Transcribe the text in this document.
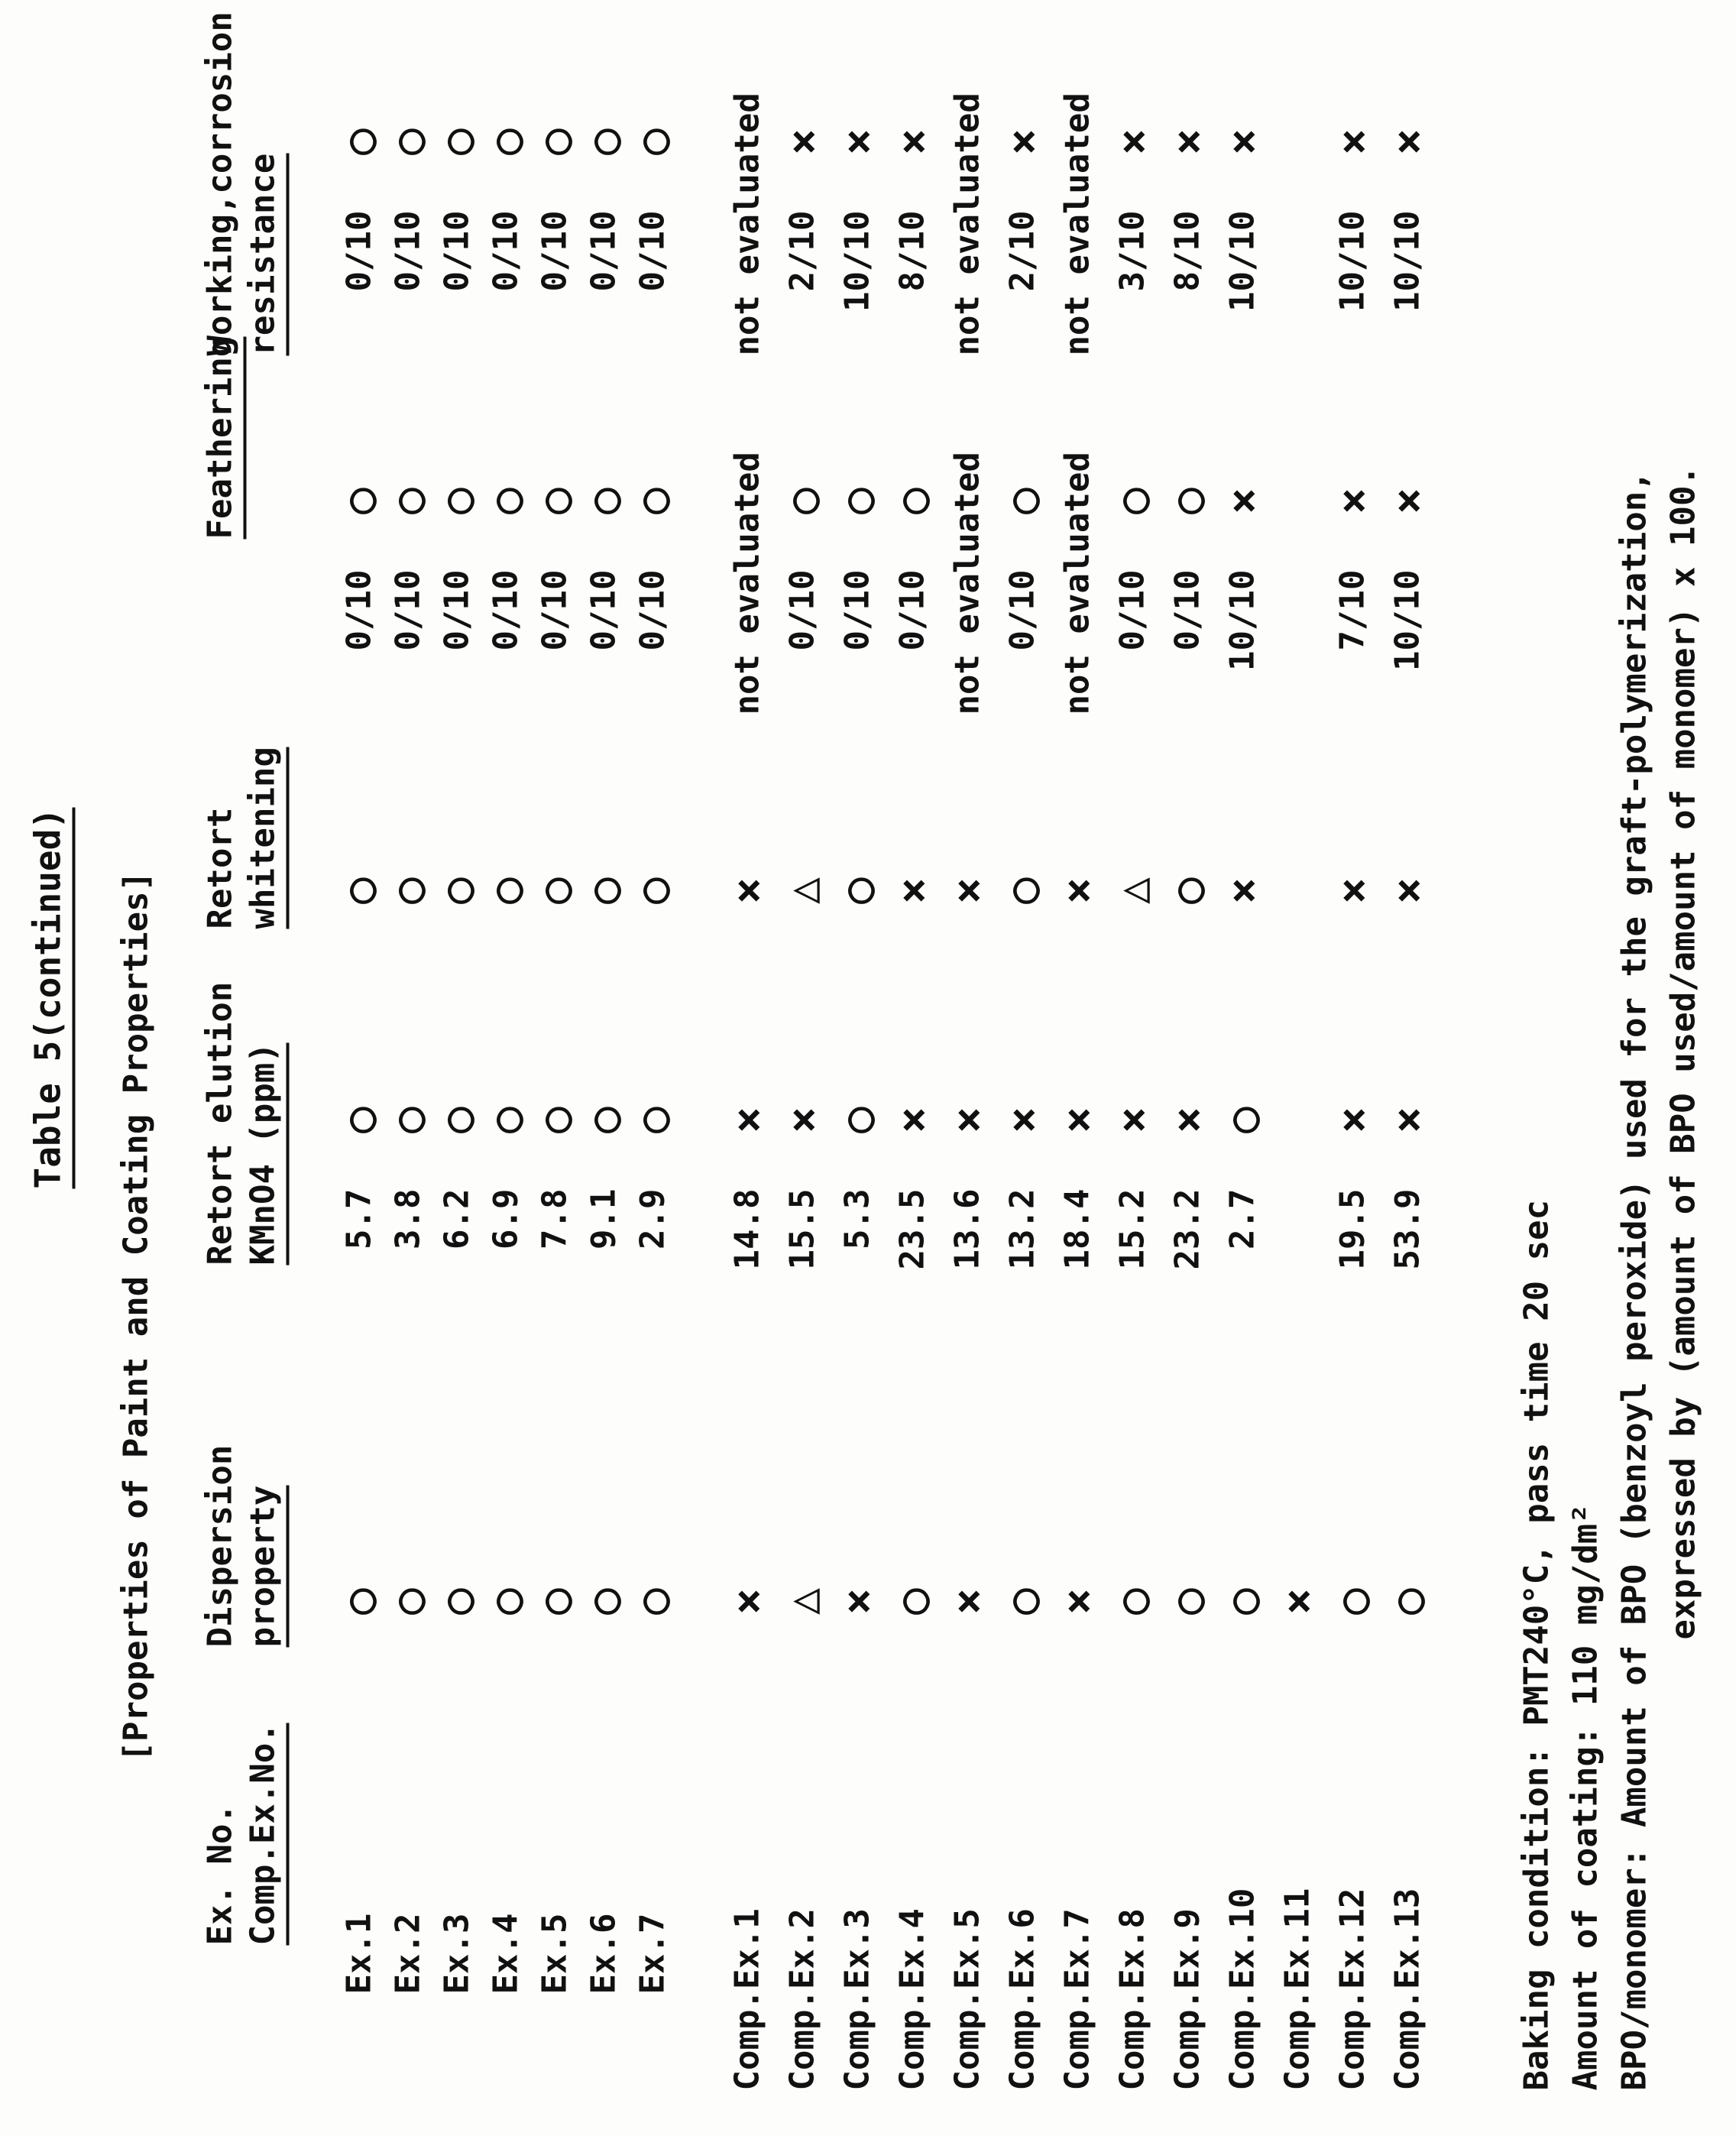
Table 5(continued) [Properties of Paint and Coating Properties]
Ex. No. Comp.Ex.No.
Dispersion property
Retort elution KMnO4 (ppm)
Retort whitening
Feathering
Working,corrosion resistance
Ex.1
○
5.7
○
○
0/10
○
0/10
○
Ex.2
○
3.8
○
○
0/10
○
0/10
○
Ex.3
○
6.2
○
○
0/10
○
0/10
○
Ex.4
○
6.9
○
○
0/10
○
0/10
○
Ex.5
○
7.8
○
○
0/10
○
0/10
○
Ex.6
○
9.1
○
○
0/10
○
0/10
○
Ex.7
○
2.9
○
○
0/10
○
0/10
○
Comp.Ex.1
×
14.8
×
×
not evaluated
not evaluated
Comp.Ex.2
△
15.5
×
△
0/10
○
2/10
×
Comp.Ex.3
×
5.3
○
○
0/10
○
10/10
×
Comp.Ex.4
○
23.5
×
×
0/10
○
8/10
×
Comp.Ex.5
×
13.6
×
×
not evaluated
not evaluated
Comp.Ex.6
○
13.2
×
○
0/10
○
2/10
×
Comp.Ex.7
×
18.4
×
×
not evaluated
not evaluated
Comp.Ex.8
○
15.2
×
△
0/10
○
3/10
×
Comp.Ex.9
○
23.2
×
○
0/10
○
8/10
×
Comp.Ex.10
○
2.7
○
×
10/10
×
10/10
×
Comp.Ex.11
×
Comp.Ex.12
○
19.5
×
×
7/10
×
10/10
×
Comp.Ex.13
○
53.9
×
×
10/10
×
10/10
×
Baking condition: PMT240°C, pass time 20 sec Amount of coating: 110 mg/dm² BPO/monomer: Amount of BPO (benzoyl peroxide) used for the graft-polymerization, expressed by (amount of BPO used/amount of monomer) x 100.
